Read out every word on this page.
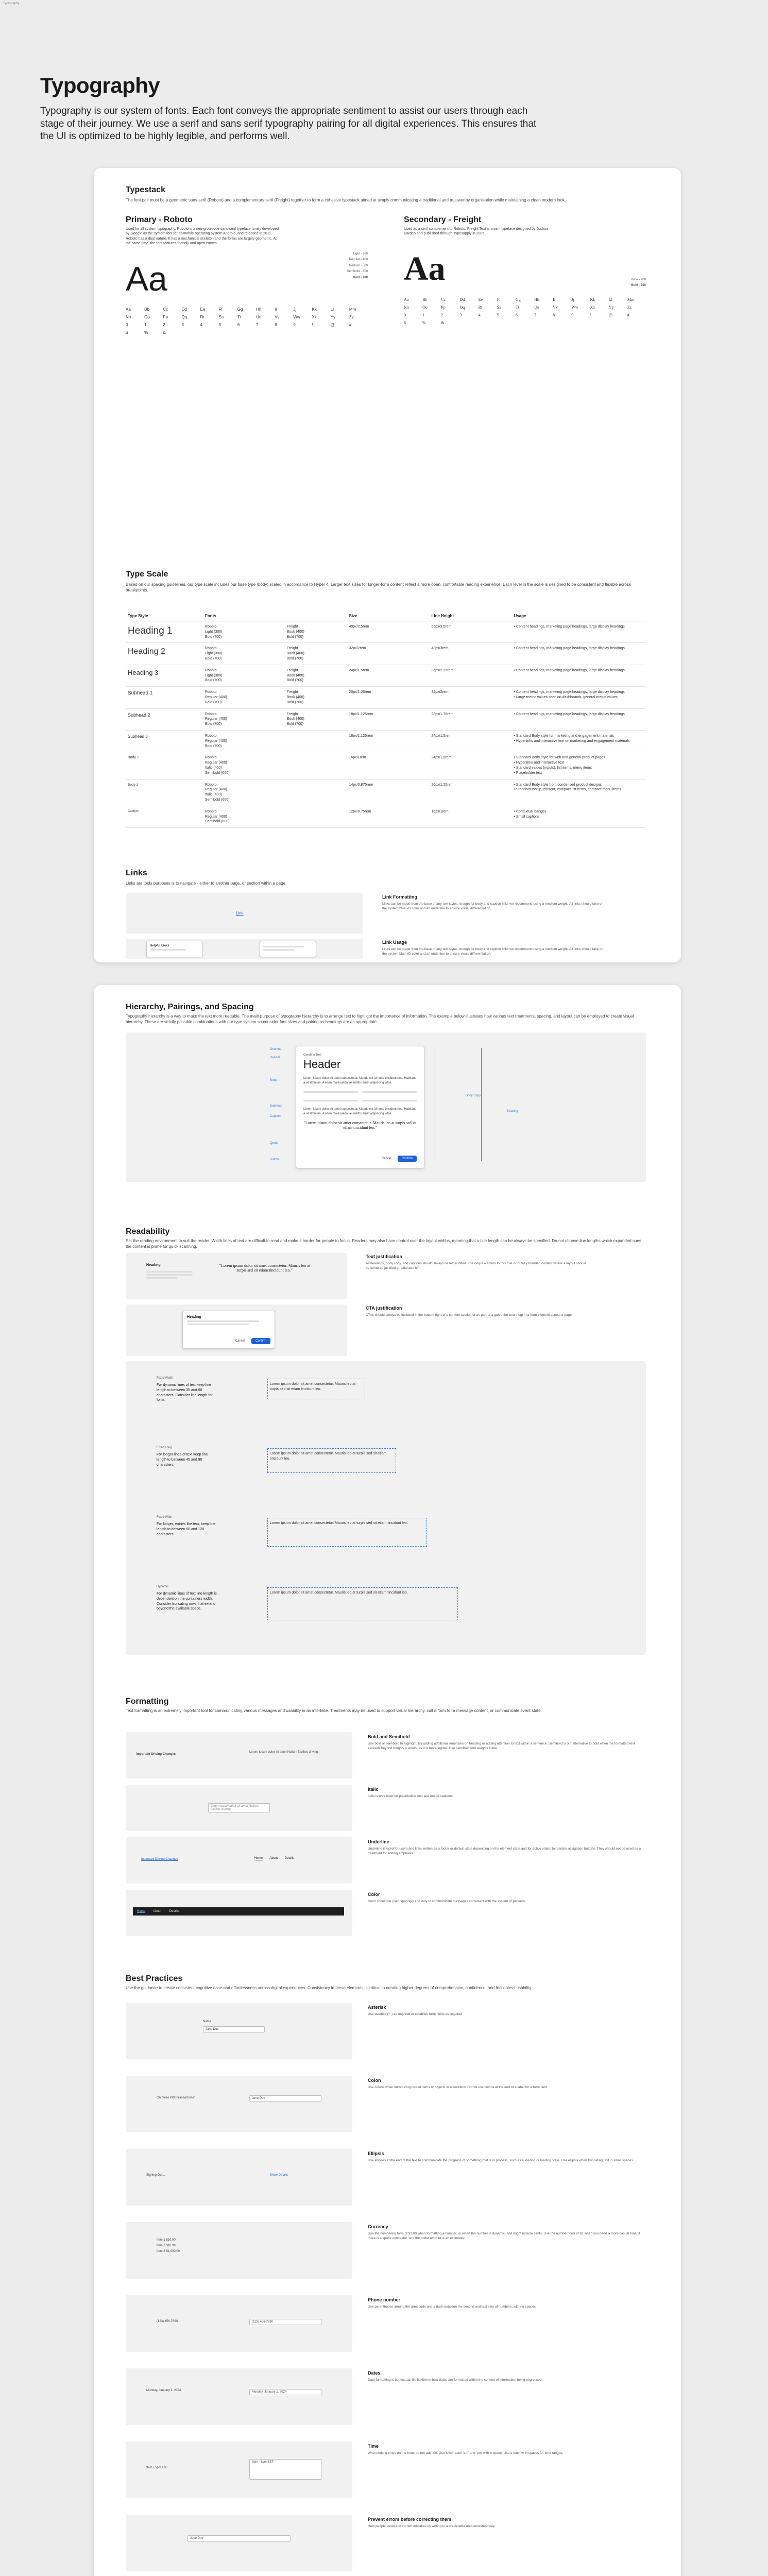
Typography
Typography
Typography is our system of fonts. Each font conveys the appropriate sentiment to assist our users through each stage of their journey. We use a serif and sans serif typography pairing for all digital experiences. This ensures that the UI is optimized to be highly legible, and performs well.
Typestack
The font pair must be a geometric sans-serif (Roboto) and a complementary serif (Freight) together to form a cohesive typestack aimed at simply communicating a traditional and trustworthy organisation while maintaining a clean modern look.
Primary - Roboto
Used for all system typography. Roboto is a neo-grotesque sans-serif typeface family developed by Google as the system font for its mobile operating system Android, and released in 2011. Roboto has a dual nature. It has a mechanical skeleton and the forms are largely geometric. At the same time, the font features friendly and open curves.
Aa
Light - 300
Regular - 400
Medium - 500
Semibold - 600
Bold - 700
Aa	Bb	Cc	Dd	Ee	Ff	Gg	Hh	Ii	Jj	Kk	Ll	Mm
Nn	Oo	Pp	Qq	Rr	Ss	Tt	Uu	Vv	Ww	Xx	Yy	Zz
0	1	2	3	4	5	6	7	8	9	!	@	#
$	%	&
Secondary - Freight
Used as a serif complement to Roboto. Freight Text is a serif typeface designed by Joshua Darden and published through Typesupply in 2005.
Aa	Book - 400
Bold - 700
Aa	Bb	Cc	Dd	Ee	Ff	Gg	Hh	Ii	Jj	Kk	Ll	Mm
Nn	Oo	Pp	Qq	Rr	Ss	Tt	Uu	Vv	Ww	Xx	Yy	Zz
0	1	2	3	4	5	6	7	8	9	!	@	#
$	%	&
Type Scale
Based on our spacing guidelines, our type scale includes our base type (body) scaled in accordance to Hyper 4. Larger text sizes for longer-form content reflect a more open, comfortable reading experience. Each level in the scale is designed to be consistent and flexible across breakpoints.
Type Style	Fonts		Size	Line Height	Usage
Heading 1	Roboto
Light (300)
Bold (700)	Freight
Book (400)
Bold (700)	40px/2.5rem	56px/3.5rem	• Content headings, marketing page headings, large display headings
Heading 2	Roboto
Light (300)
Bold (700)	Freight
Book (400)
Bold (700)	32px/2rem	48px/3rem	• Content headings, marketing page headings, large display headings
Heading 3	Roboto
Light (300)
Bold (700)	Freight
Book (400)
Bold (700)	24px/1.5rem	36px/2.25rem	• Content headings, marketing page headings, large display headings
Subhead 1	Roboto
Regular (400)
Bold (700)	Freight
Book (400)
Bold (700)	20px/1.25rem	32px/2rem	• Content headings, marketing page headings, large display headings
• Large metric values seen on dashboards, general metric values
Subhead 2	Roboto
Regular (400)
Bold (700)	Freight
Book (400)
Bold (700)	18px/1.125rem	28px/1.75rem	• Content headings, marketing page headings, large display headings
Subhead 3	Roboto
Regular (400)
Bold (700)		16px/1.125rem	24px/1.5rem	• Standard Body style for marketing and engagement materials
• Hyperlinks and interactive text on marketing and engagement materials
Body 1	Roboto
Regular (400)
Italic (400)
Semibold (600)		16px/1rem	24px/1.5rem	• Standard Body style for web and general product pages
• Hyperlinks and interactive text
• Standard values (inputs), list items, menu items
• Placeholder text
Body 2	Roboto
Regular (400)
Italic (400)
Semibold (600)		14px/0.875rem	20px/1.25rem	• Standard Body style from condensed product designs
• Standard tooltip, content, compact list items, compact menu items
Caption	Roboto
Regular (400)
Semibold (600)		12px/0.75rem	16px/1rem	• Contextual badges
• Small captions
Links
Links are tools purposes is to navigate - either to another page, or section within a page.
Link
Link Formatting
Links can be made from the base of any text styles, though for body and caption links we recommend using a medium weight. All links should take on the system blue #D color and an underline to ensure visual differentiation.
Helpful Links
Link Usage
Links can be made from the base of any text styles, though for body and caption links we recommend using a medium weight. All links should take on the system blue #D color and an underline to ensure visual differentiation.
Hierarchy, Pairings, and Spacing
Typography hierarchy is a way to make the text more readable. The main purpose of typography hierarchy is to arrange text to highlight the importance of information. The example below illustrates how various text treatments, spacing, and layout can be employed to create visual hierarchy. These are strictly possible combinations with our type system so consider font sizes and pairing as headings are as appropriate.
Overline Text
Header
Lorem ipsum dolor sit amet consectetur. Mauris est id nunc tincidunt nec. Habitant a vestibulum. A enim malesuada vel mattis amet adipiscing vitae.
Lorem ipsum dolor sit amet consectetur. Mauris est id nunc tincidunt nec. Habitant a vestibulum. A enim malesuada vel mattis amet adipiscing vitae.
"Lorem ipsum dolor sit amet consectetur. Mauris leo at turpis sed sit etiam tincidunt leo."
Cancel	Confirm
Overline
Header
Body
Subhead
Caption
Quote
Button
Body Copy
Spacing
Readability
Set the reading environment to suit the reader. Width lines of text are difficult to read and make it harder for people to focus. Readers may also have control over the layout widths, meaning that a line length can be always be specified. Do not choose line lengths which expanded cues the content is prime for quick scanning.
Heading	"Lorem ipsum dolor sit amet consectetur. Mauris leo at turpis sed sit etiam tincidunt leo."
Text justification
All headings, body copy, and captions should always be left justified. The only exception to this rule is for fully branded content where a layout should be centered justified or balanced left.
Heading
Cancel	Confirm
CTA justification
CTAs should always be included in the bottom right of a content section or as part of a guide-the-users tap in a form element across a page.
Fixed Width
For dynamic lines of text keep line length to between 35 and 60 characters. Consider line length for form.
Lorem ipsum dolor sit amet consectetur. Mauris leo at turpis sed sit etiam tincidunt leo.
Fixed Long
For longer lines of text keep line length to between 45 and 90 characters.
Lorem ipsum dolor sit amet consectetur. Mauris leo at turpis sed sit etiam tincidunt leo.
Fixed Wide
For longer, entries like text, keep line length to between 60 and 120 characters.
Lorem ipsum dolor sit amet consectetur. Mauris leo at turpis sed sit etiam tincidunt leo.
Dynamic
For dynamic lines of text line length is dependent on the containers width. Consider truncating rows that extend beyond the available space.
Lorem ipsum dolor sit amet consectetur. Mauris leo at turpis sed sit etiam tincidunt leo.
Formatting
Text formatting is an extremely important tool for communicating various messages and usability in an interface. Treatments may be used to support visual hierarchy, call a form for a message content, or communicate event state.
Important Driving Changes
Lorem ipsum dolor sit amet Nullam facilisis driving.
Bold and Semibold
Use bold or semibold to highlight. By adding additional emphasis on heading or adding attention to text within a sentence. Semibold is our alternative to bold when the formatted text exceeds beyond roughly 4 words, as it is more legible. Use semibold font weights inline.
Lorem ipsum dolor sit amet Nullam facilisis driving.
Italic
Italic is only used for placeholder text and image captions.
Important Driving Changes	Home About Details
Underline
Underline is used for users and links written as a footer or default state depending on the element state and for active states for certain navigation buttons. They should not be used as a treatment for adding emphasis.
Home	About	Details
Color
Color should be used sparingly and only to communicate messages consistent with the system of patterns.
Best Practices
Use the guidance to create consistent cognitive ease and effortlessness across digital experiences. Consistency in these elements is critical to creating higher degrees of comprehension, confidence, and frictionless usability.
Name
Jane Doe
Asterisk
Use asterisk ( * ) as required to establish form fields as required.
On these PKO transactions:	Jane Doe
Colon
Use colons when introducing lists of items or objects in a workflow. Do not use colons at the end of a label for a form field.
Signing Out...	Show Details
Ellipsis
Use ellipses at the end of the text to communicate the progress of something that is in process, such as a loading or loading state. Use ellipsis when truncating text in small spaces.
Item 1 $10.00
Item 2 $10.99
Item 3 $1,000.00
Currency
Use the numbering form of $1.00 when formatting a number, or when the number is dynamic, and might include cents. Use the number form of $1 when you need a more casual tone, if there is a space constraint, or if the dollar amount is an estimation.
(123) 456-7890	(123) 456-7890
Phone number
Use parentheses around the area code and a dash between the second and last sets of numbers, with no spaces.
Monday, January 1, 2024	Monday, January 1, 2024
Dates
Date formatting is contextual. Be flexible in how dates are formatted within the context of information being expressed.
9am - 5pm EST
9am - 5pm EST
Time
When writing times on the hour, do not add :00. Use lower-case 'am' and 'pm' with a space. Use a dash with spaces for time ranges.
Jane Doe
Prevent errors before correcting them
Help people avoid and correct mistakes by writing in a predictable and consistent way.
